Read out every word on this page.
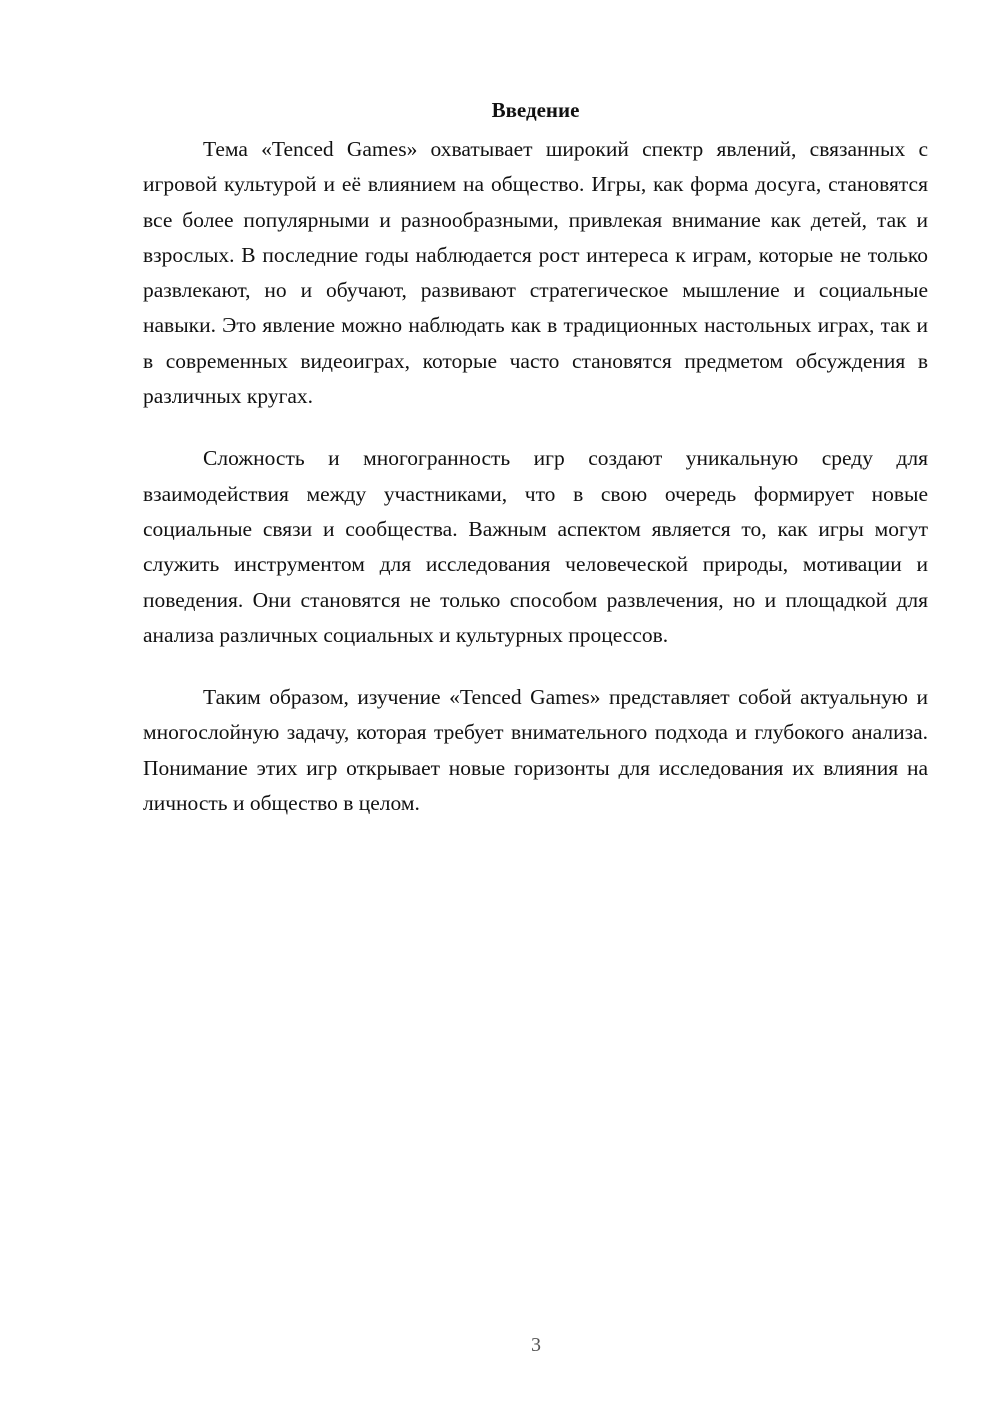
Введение

Тема «Tenced Games» охватывает широкий спектр явлений, связанных с игровой культурой и её влиянием на общество. Игры, как форма досуга, становятся все более популярными и разнообразными, привлекая внимание как детей, так и взрослых. В последние годы наблюдается рост интереса к играм, которые не только развлекают, но и обучают, развивают стратегическое мышление и социальные навыки. Это явление можно наблюдать как в традиционных настольных играх, так и в современных видеоиграх, которые часто становятся предметом обсуждения в различных кругах.

Сложность и многогранность игр создают уникальную среду для взаимодействия между участниками, что в свою очередь формирует новые социальные связи и сообщества. Важным аспектом является то, как игры могут служить инструментом для исследования человеческой природы, мотивации и поведения. Они становятся не только способом развлечения, но и площадкой для анализа различных социальных и культурных процессов.

Таким образом, изучение «Tenced Games» представляет собой актуальную и многослойную задачу, которая требует внимательного подхода и глубокого анализа. Понимание этих игр открывает новые горизонты для исследования их влияния на личность и общество в целом.

3
